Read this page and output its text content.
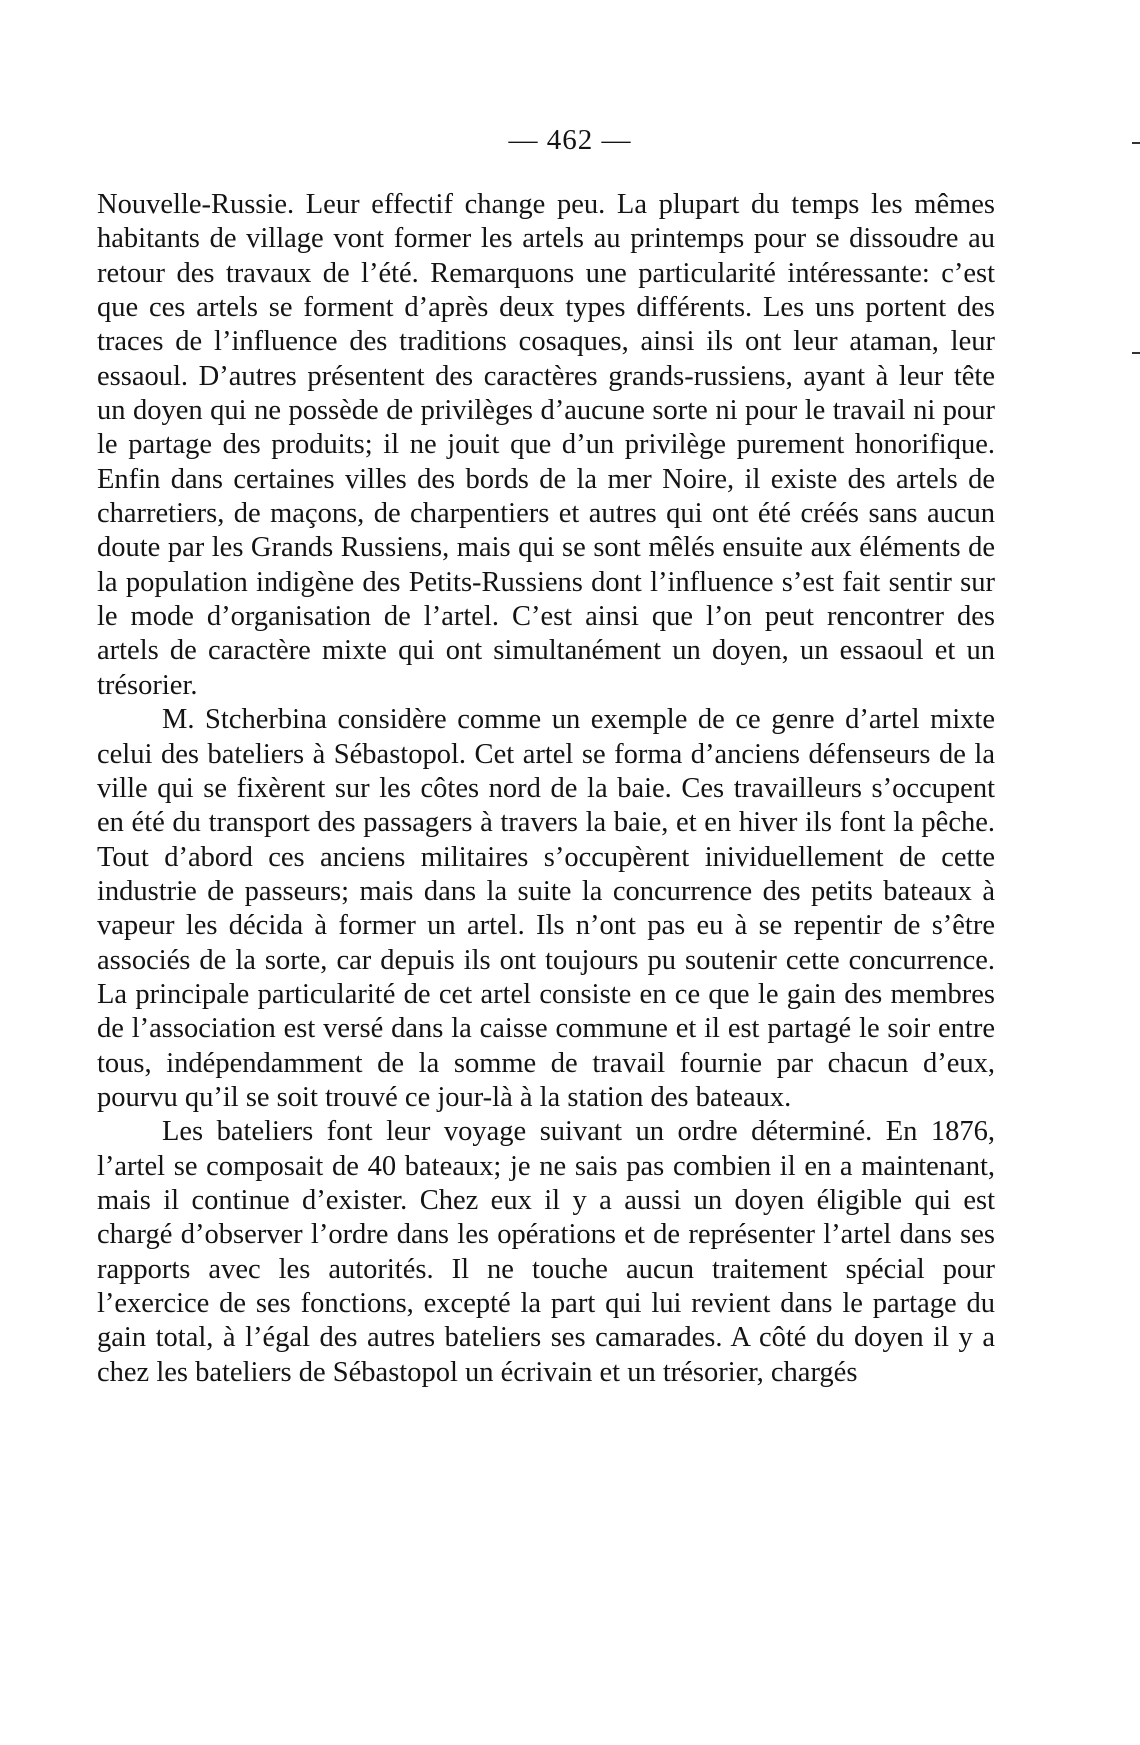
— 462 —

Nouvelle-Russie. Leur effectif change peu. La plupart du temps les mêmes habitants de village vont former les artels au printemps pour se dissoudre au retour des travaux de l’été. Remarquons une particularité intéressante: c’est que ces artels se forment d’après deux types différents. Les uns portent des traces de l’influence des traditions cosaques, ainsi ils ont leur ataman, leur essaoul. D’autres présentent des caractères grands-russiens, ayant à leur tête un doyen qui ne possède de privilèges d’aucune sorte ni pour le travail ni pour le partage des produits; il ne jouit que d’un privilège purement honorifique. Enfin dans certaines villes des bords de la mer Noire, il existe des artels de charretiers, de maçons, de charpentiers et autres qui ont été créés sans aucun doute par les Grands Russiens, mais qui se sont mêlés ensuite aux éléments de la population indigène des Petits-Russiens dont l’influence s’est fait sentir sur le mode d’organisation de l’artel. C’est ainsi que l’on peut rencontrer des artels de caractère mixte qui ont simultanément un doyen, un essaoul et un trésorier.

M. Stcherbina considère comme un exemple de ce genre d’artel mixte celui des bateliers à Sébastopol. Cet artel se forma d’anciens défenseurs de la ville qui se fixèrent sur les côtes nord de la baie. Ces travailleurs s’occupent en été du transport des passagers à travers la baie, et en hiver ils font la pêche. Tout d’abord ces anciens militaires s’occupèrent inividuellement de cette industrie de passeurs; mais dans la suite la concurrence des petits bateaux à vapeur les décida à former un artel. Ils n’ont pas eu à se repentir de s’être associés de la sorte, car depuis ils ont toujours pu soutenir cette concurrence. La principale particularité de cet artel consiste en ce que le gain des membres de l’association est versé dans la caisse commune et il est partagé le soir entre tous, indépendamment de la somme de travail fournie par chacun d’eux, pourvu qu’il se soit trouvé ce jour-là à la station des bateaux.

Les bateliers font leur voyage suivant un ordre déterminé. En 1876, l’artel se composait de 40 bateaux; je ne sais pas combien il en a maintenant, mais il continue d’exister. Chez eux il y a aussi un doyen éligible qui est chargé d’observer l’ordre dans les opérations et de représenter l’artel dans ses rapports avec les autorités. Il ne touche aucun traitement spécial pour l’exercice de ses fonctions, excepté la part qui lui revient dans le partage du gain total, à l’égal des autres bateliers ses camarades. A côté du doyen il y a chez les bateliers de Sébastopol un écrivain et un trésorier, chargés
